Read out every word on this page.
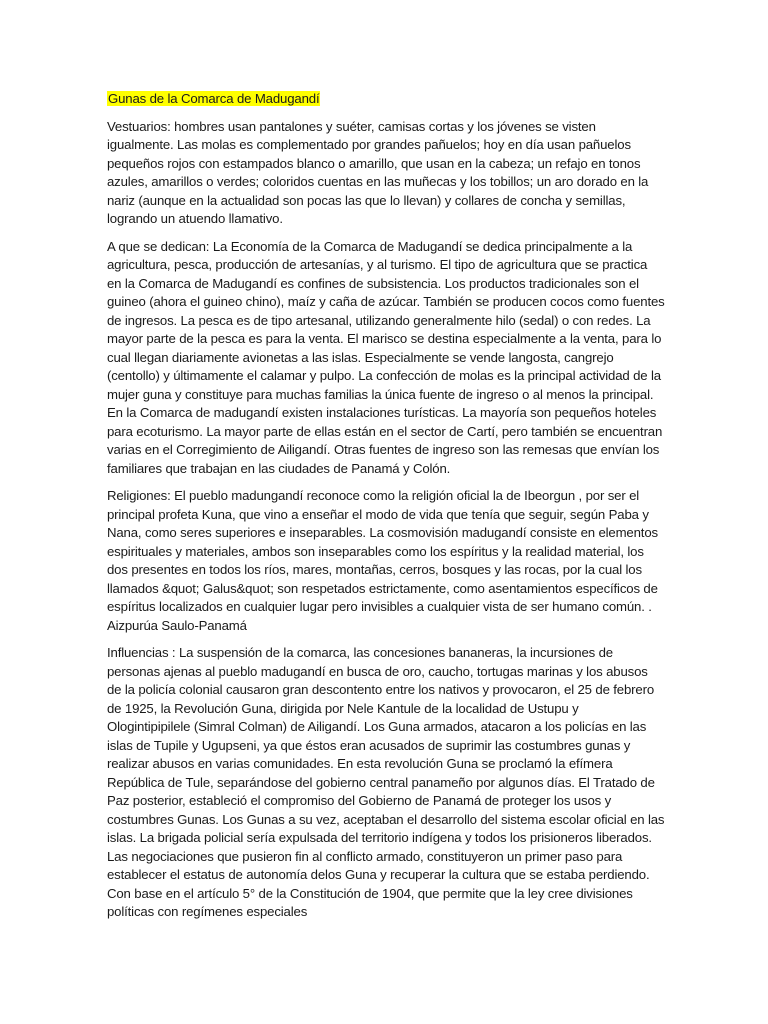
Gunas de la Comarca de Madugandí

Vestuarios: hombres usan pantalones y suéter, camisas cortas y los jóvenes se visten igualmente. Las molas es complementado por grandes pañuelos; hoy en día usan pañuelos pequeños rojos con estampados blanco o amarillo, que usan en la cabeza; un refajo en tonos azules, amarillos o verdes; coloridos cuentas en las muñecas y los tobillos; un aro dorado en la nariz (aunque en la actualidad son pocas las que lo llevan) y collares de concha y semillas, logrando un atuendo llamativo.

A que se dedican: La Economía de la Comarca de Madugandí se dedica principalmente a la agricultura, pesca, producción de artesanías, y al turismo. El tipo de agricultura que se practica en la Comarca de Madugandí es confines de subsistencia. Los productos tradicionales son el guineo (ahora el guineo chino), maíz y caña de azúcar. También se producen cocos como fuentes de ingresos. La pesca es de tipo artesanal, utilizando generalmente hilo (sedal) o con redes. La mayor parte de la pesca es para la venta. El marisco se destina especialmente a la venta, para lo cual llegan diariamente avionetas a las islas. Especialmente se vende langosta, cangrejo (centollo) y últimamente el calamar y pulpo. La confección de molas es la principal actividad de la mujer guna y constituye para muchas familias la única fuente de ingreso o al menos la principal. En la Comarca de madugandí existen instalaciones turísticas. La mayoría son pequeños hoteles para ecoturismo. La mayor parte de ellas están en el sector de Cartí, pero también se encuentran varias en el Corregimiento de Ailigandí. Otras fuentes de ingreso son las remesas que envían los familiares que trabajan en las ciudades de Panamá y Colón.

Religiones: El pueblo madungandí reconoce como la religión oficial la de Ibeorgun , por ser el principal profeta Kuna, que vino a enseñar el modo de vida que tenía que seguir, según Paba y Nana, como seres superiores e inseparables. La cosmovisión madugandí consiste en elementos espirituales y materiales, ambos son inseparables como los espíritus y la realidad material, los dos presentes en todos los ríos, mares, montañas, cerros, bosques y las rocas, por la cual los llamados &quot; Galus&quot; son respetados estrictamente, como asentamientos específicos de espíritus localizados en cualquier lugar pero invisibles a cualquier vista de ser humano común. . Aizpurúa Saulo-Panamá

Influencias : La suspensión de la comarca, las concesiones bananeras, la incursiones de personas ajenas al pueblo madugandí en busca de oro, caucho, tortugas marinas y los abusos de la policía colonial causaron gran descontento entre los nativos y provocaron, el 25 de febrero de 1925, la Revolución Guna, dirigida por Nele Kantule de la localidad de Ustupu y Ologintipipilele (Simral Colman) de Ailigandí. Los Guna armados, atacaron a los policías en las islas de Tupile y Ugupseni, ya que éstos eran acusados de suprimir las costumbres gunas y realizar abusos en varias comunidades. En esta revolución Guna se proclamó la efímera República de Tule, separándose del gobierno central panameño por algunos días. El Tratado de Paz posterior, estableció el compromiso del Gobierno de Panamá de proteger los usos y costumbres Gunas. Los Gunas a su vez, aceptaban el desarrollo del sistema escolar oficial en las islas. La brigada policial sería expulsada del territorio indígena y todos los prisioneros liberados. Las negociaciones que pusieron fin al conflicto armado, constituyeron un primer paso para establecer el estatus de autonomía delos Guna y recuperar la cultura que se estaba perdiendo. Con base en el artículo 5° de la Constitución de 1904, que permite que la ley cree divisiones políticas con regímenes especiales
